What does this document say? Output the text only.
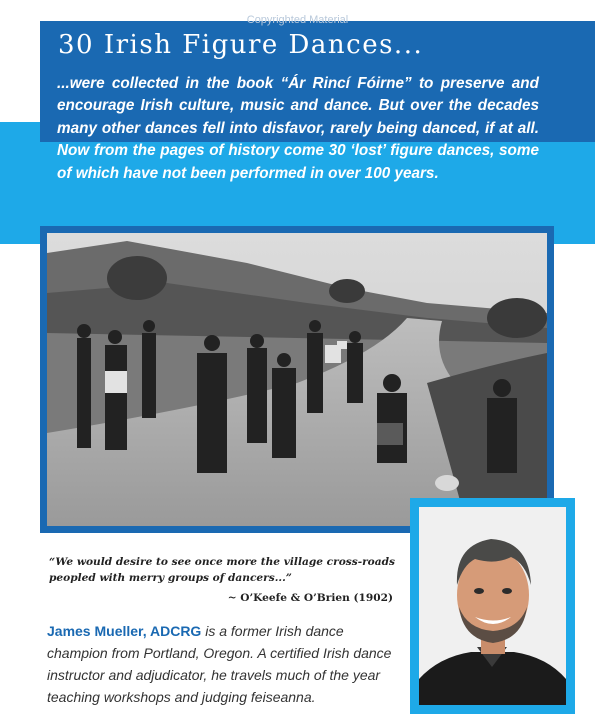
Copyrighted Material
30 Irish Figure Dances...

...were collected in the book “Ár Rincí Fóirne” to preserve and encourage Irish culture, music and dance. But over the decades many other dances fell into disfavor, rarely being danced, if at all. Now from the pages of history come 30 ‘lost’ figure dances, some of which have not been performed in over 100 years.

“We would desire to see once more the village cross-roads peopled with merry groups of dancers...”

~ O’Keefe & O’Brien (1902)

James Mueller, ADCRG is a former Irish dance champion from Portland, Oregon. A certified Irish dance instructor and adjudicator, he travels much of the year teaching workshops and judging feiseanna.
